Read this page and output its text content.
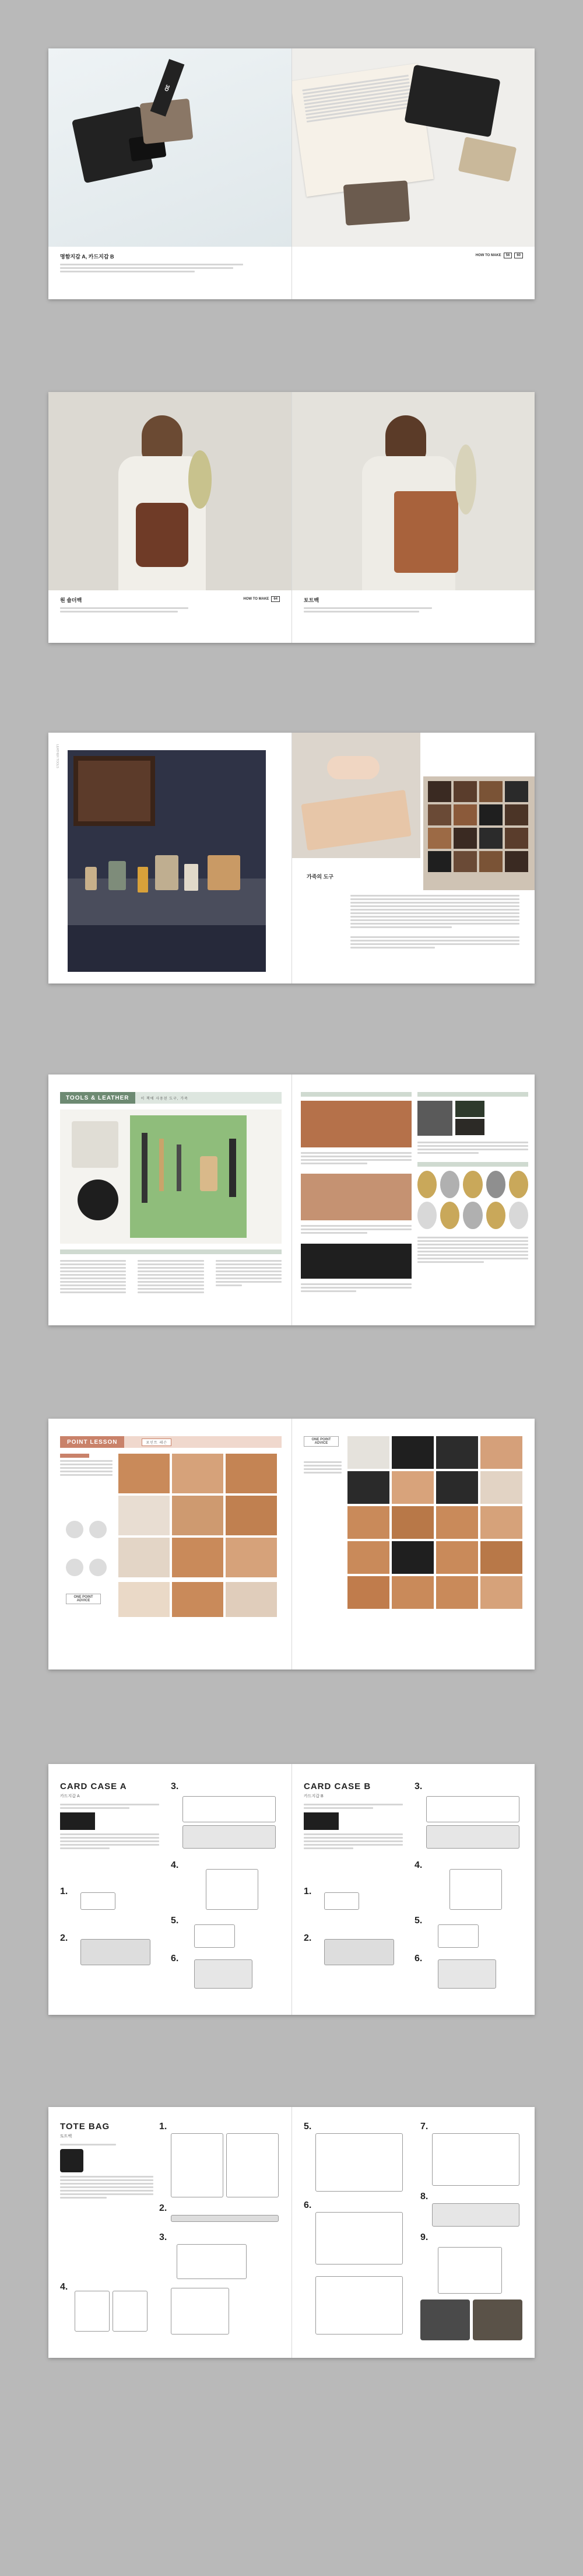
3D
명함지갑 A, 카드지갑 B	HOW TO MAKE	56	60
원 숄더백	HOW TO MAKE	64	토트백
LEATHER TOOLS
가죽의 도구
TOOLS & LEATHER	이 책에 사용된 도구, 가죽
POINT LESSON	포인트 레슨
ONE POINT ADVICE
ONE POINT ADVICE
CARD CASE A
카드지갑 A
1.
2.
3.
4.
5.
6.
CARD CASE B
카드지갑 B
1.
2.
3.
4.
5.
6.
TOTE BAG
토트백
1.
2.
3.
4.
5.
6.
7.
8.
9.
